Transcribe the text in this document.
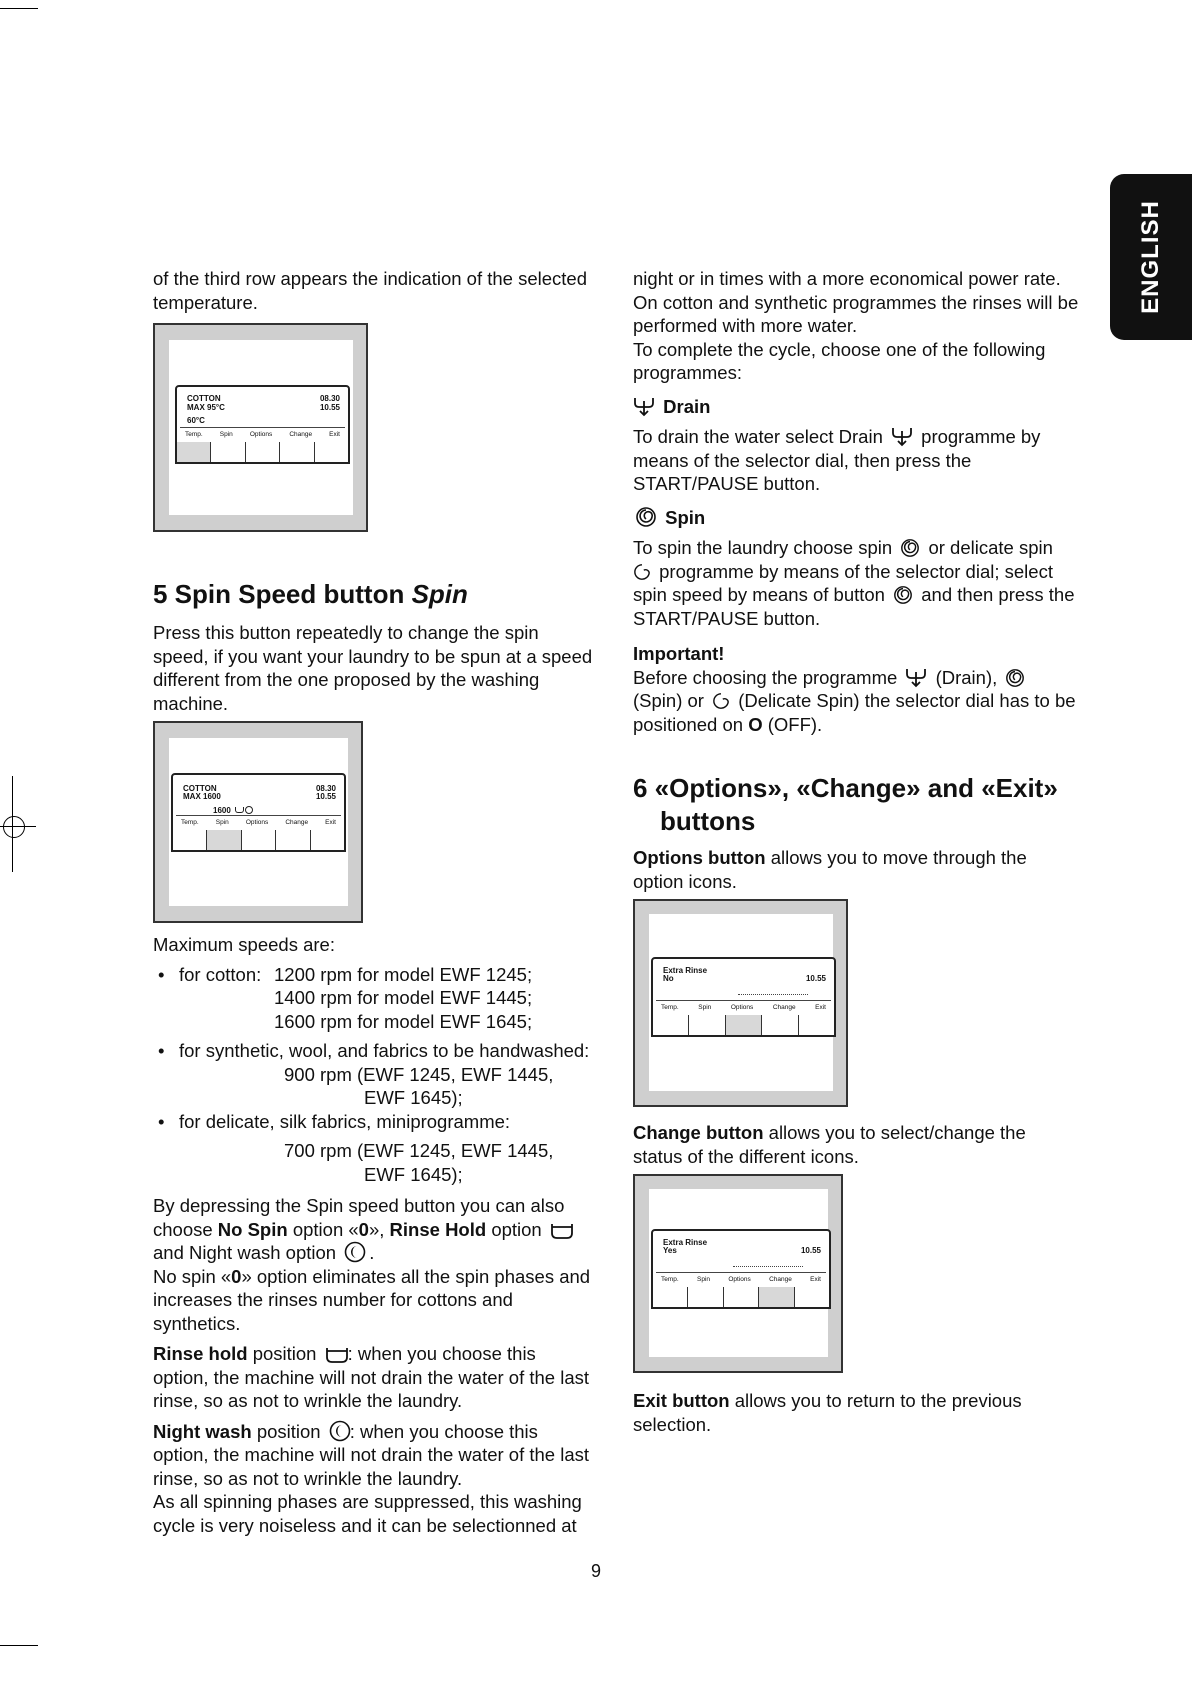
ENGLISH

of the third row appears the indication of the selected temperature.

COTTON
MAX 95°C
60°C
08.30
10.55
Temp.	Spin	Options	Change	Exit
5 Spin Speed button Spin

Press this button repeatedly to change the spin speed, if you want your laundry to be spun at a speed different from the one proposed by the washing machine.

COTTON
MAX 1600
1600
08.30
10.55
Temp.	Spin	Options	Change	Exit

Maximum speeds are:

• for cotton: 1200 rpm for model EWF 1245;

1400 rpm for model EWF 1445;
1600 rpm for model EWF 1645;
• for synthetic, wool, and fabrics to be handwashed:
900 rpm (EWF 1245, EWF 1445,
EWF 1645);
• for delicate, silk fabrics, miniprogramme:
700 rpm (EWF 1245, EWF 1445,
EWF 1645);

By depressing the Spin speed button you can also choose No Spin option «0», Rinse Hold option
and Night wash option .
No spin «0» option eliminates all the spin phases and increases the rinses number for cottons and synthetics.

Rinse hold position : when you choose this option, the machine will not drain the water of the last rinse, so as not to wrinkle the laundry.

Night wash position : when you choose this option, the machine will not drain the water of the last rinse, so as not to wrinkle the laundry.
As all spinning phases are suppressed, this washing cycle is very noiseless and it can be selectionned at

night or in times with a more economical power rate. On cotton and synthetic programmes the rinses will be performed with more water.

To complete the cycle, choose one of the following programmes:

Drain

To drain the water select Drain programme by means of the selector dial, then press the START/PAUSE button.

Spin

To spin the laundry choose spin or delicate spin
programme by means of the selector dial; select spin speed by means of button and then press the START/PAUSE button.

Important!

Before choosing the programme (Drain),
(Spin) or (Delicate Spin) the selector dial has to be positioned on O (OFF).

6 «Options», «Change» and «Exit»
buttons

Options button allows you to move through the option icons.

Extra Rinse
No	10.55
Temp.	Spin	Options	Change	Exit

Change button allows you to select/change the status of the different icons.

Extra Rinse
Yes	10.55
Temp.	Spin	Options	Change	Exit

Exit button allows you to return to the previous selection.

9
